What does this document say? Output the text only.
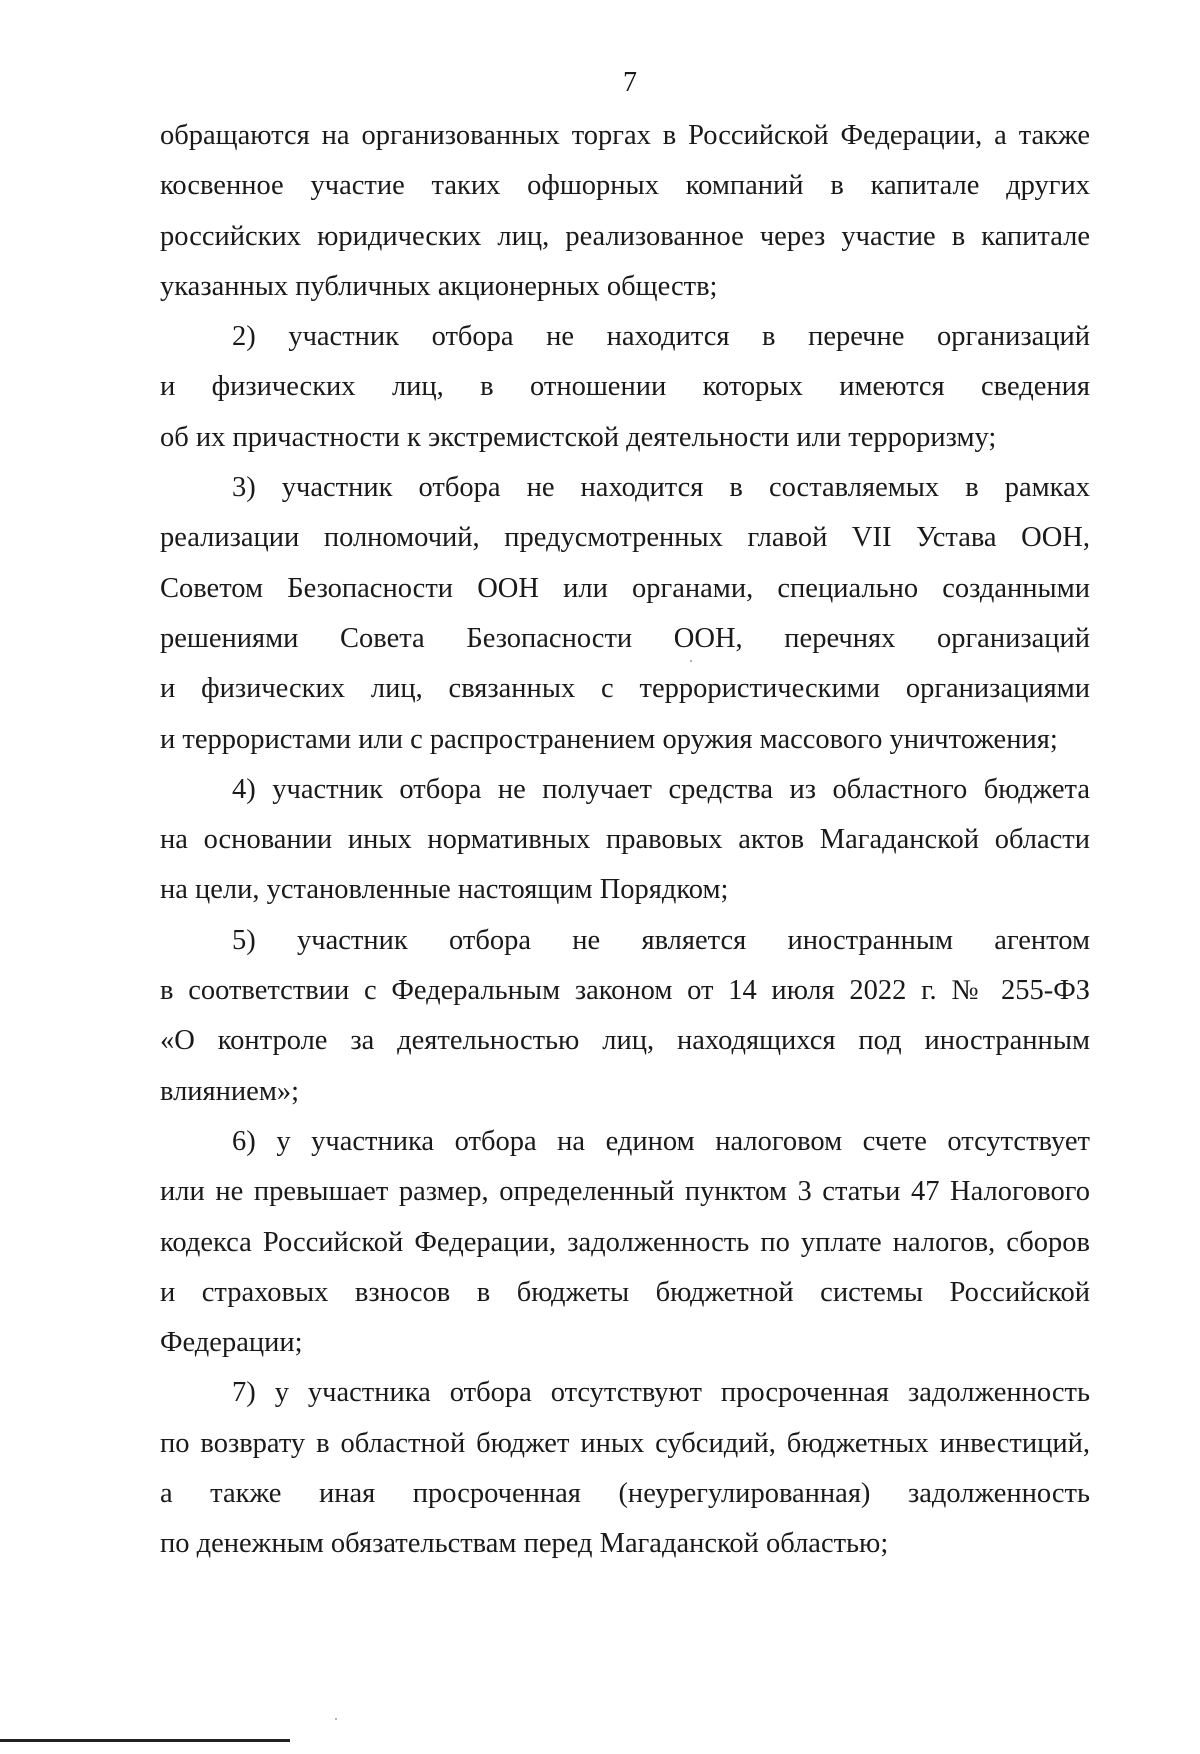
7
обращаются на организованных торгах в Российской Федерации, а также
косвенное участие таких офшорных компаний в капитале других
российских юридических лиц, реализованное через участие в капитале
указанных публичных акционерных обществ;
2) участник отбора не находится в перечне организаций
и физических лиц, в отношении которых имеются сведения
об их причастности к экстремистской деятельности или терроризму;
3) участник отбора не находится в составляемых в рамках
реализации полномочий, предусмотренных главой VII Устава ООН,
Советом Безопасности ООН или органами, специально созданными
решениями Совета Безопасности ООН, перечнях организаций
и физических лиц, связанных с террористическими организациями
и террористами или с распространением оружия массового уничтожения;
4) участник отбора не получает средства из областного бюджета
на основании иных нормативных правовых актов Магаданской области
на цели, установленные настоящим Порядком;
5) участник отбора не является иностранным агентом
в соответствии с Федеральным законом от 14 июля 2022 г. № 255-ФЗ
«О контроле за деятельностью лиц, находящихся под иностранным
влиянием»;
6) у участника отбора на едином налоговом счете отсутствует
или не превышает размер, определенный пунктом 3 статьи 47 Налогового
кодекса Российской Федерации, задолженность по уплате налогов, сборов
и страховых взносов в бюджеты бюджетной системы Российской
Федерации;
7) у участника отбора отсутствуют просроченная задолженность
по возврату в областной бюджет иных субсидий, бюджетных инвестиций,
а также иная просроченная (неурегулированная) задолженность
по денежным обязательствам перед Магаданской областью;
